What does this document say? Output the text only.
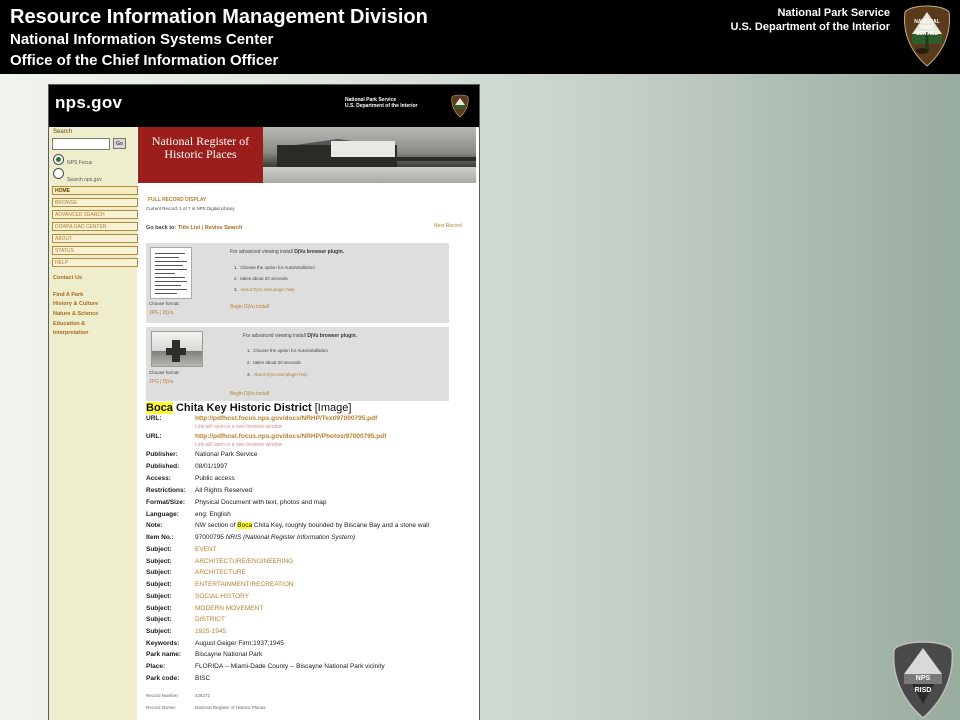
Resource Information Management Division
National Information Systems Center
Office of the Chief Information Officer
National Park Service
U.S. Department of the Interior	NATIONAL
PARK
SERVICE
nps.gov	National Park Service
U.S. Department of the Interior
Search
Go
NPS Focus
Search nps.gov
HOME
BROWSE
ADVANCED SEARCH
DOWNLOAD CENTER
ABOUT
STATUS
HELP
Contact Us
Find A Park
History & Culture
Nature & Science
Education &
Interpretation
National Register of Historic Places
FULL RECORD DISPLAY
Current Record: 1 of 7 in NPS Digital Library
Next Record
Go back to: Title List | Revise Search
For advanced viewing install DjVu browser plugin.
1.  Choose the option for Autoinstallation
2.  takes about 20 seconds
3.  About DjVu and plugin help
Choose format:
JPG | DjVu
Begin DjVu install
For advanced viewing install DjVu browser plugin.
1.  Choose the option for Autoinstallation
2.  takes about 20 seconds
3.  About DjVu and plugin help
Choose format:
JPG | DjVu
Begin DjVu install
Boca Chita Key Historic District [Image]
URL:	http://pdfhost.focus.nps.gov/docs/NRHP/Text/97000795.pdf
Link will open in a new browser window
URL:	http://pdfhost.focus.nps.gov/docs/NRHP/Photos/97000795.pdf
Link will open in a new browser window
Publisher:	National Park Service
Published: 08/01/1997
Access:	Public access
Restrictions: All Rights Reserved
Format/Size: Physical Document with text, photos and map
Language: eng: English
Note:	NW section of Boca Chita Key, roughly bounded by Biscane Bay and a stone wall
Item No.:	97000795 NRIS (National Register Information System)
Subject:	EVENT
Subject:	ARCHITECTURE/ENGINEERING
Subject:	ARCHITECTURE
Subject:	ENTERTAINMENT/RECREATION
Subject:	SOCIAL HISTORY
Subject:	MODERN MOVEMENT
Subject:	DISTRICT
Subject:	1925-1945
Keywords: August Geiger Firm;1937;1945
Park name: Biscayne National Park
Place:	FLORIDA -- Miami-Dade County -- Biscayne National Park vicinity
Park code: BISC
Record Number:	426272
Record Owner:	National Register of Historic Places
NPS
RISD
